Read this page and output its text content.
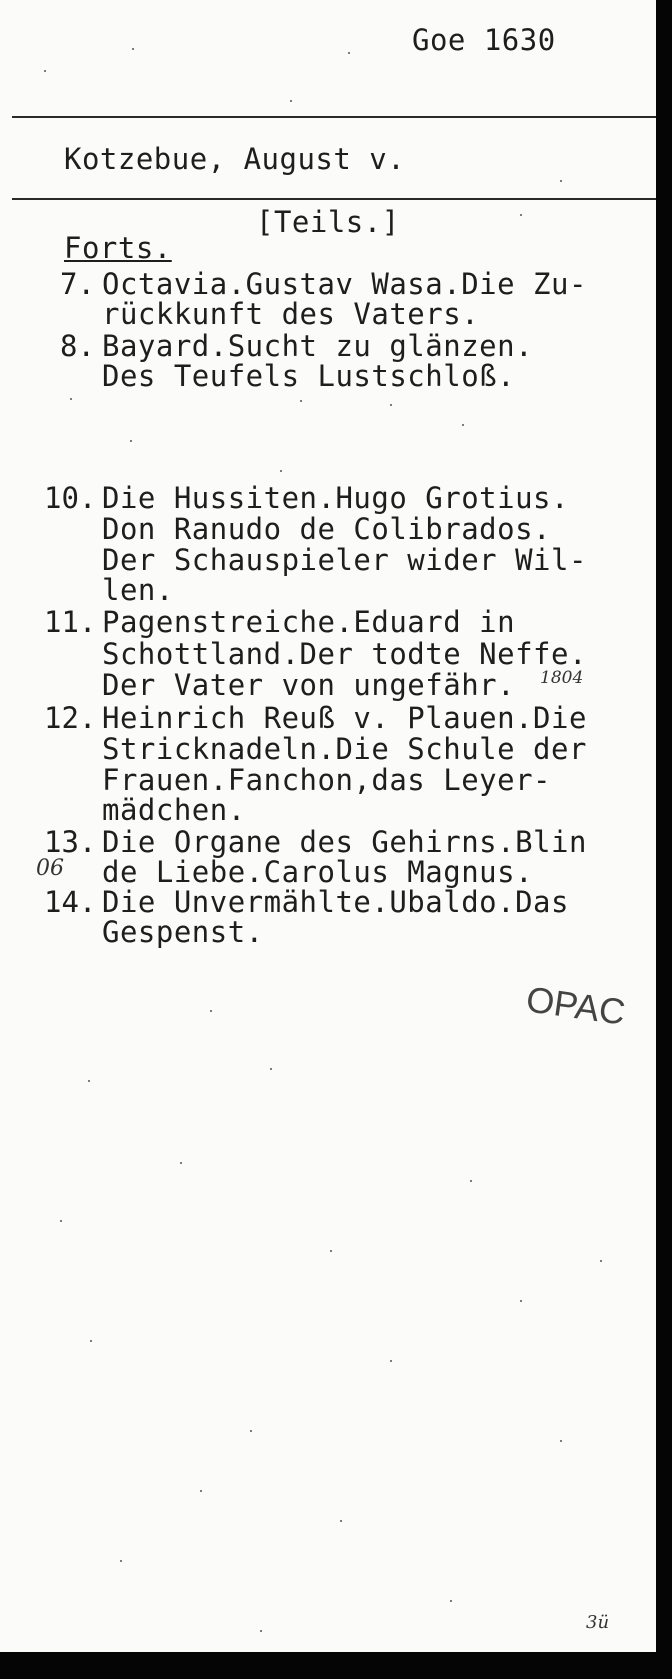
Goe 1630
Kotzebue, August v.
[Teils.]
Forts.
7. Octavia.Gustav Wasa.Die Zu-
rückkunft des Vaters.
8. Bayard.Sucht zu glänzen.
Des Teufels Lustschloß.
10. Die Hussiten.Hugo Grotius.
Don Ranudo de Colibrados.
Der Schauspieler wider Wil-
len.
11. Pagenstreiche.Eduard in
Schottland.Der todte Neffe.
Der Vater von ungefähr. 1804
12. Heinrich Reuß v. Plauen.Die
Stricknadeln.Die Schule der
Frauen.Fanchon,das Leyer-
mädchen.
13. Die Organe des Gehirns.Blin
de Liebe.Carolus Magnus.
06
14. Die Unvermählte.Ubaldo.Das
Gespenst.
OPAC
3ü
